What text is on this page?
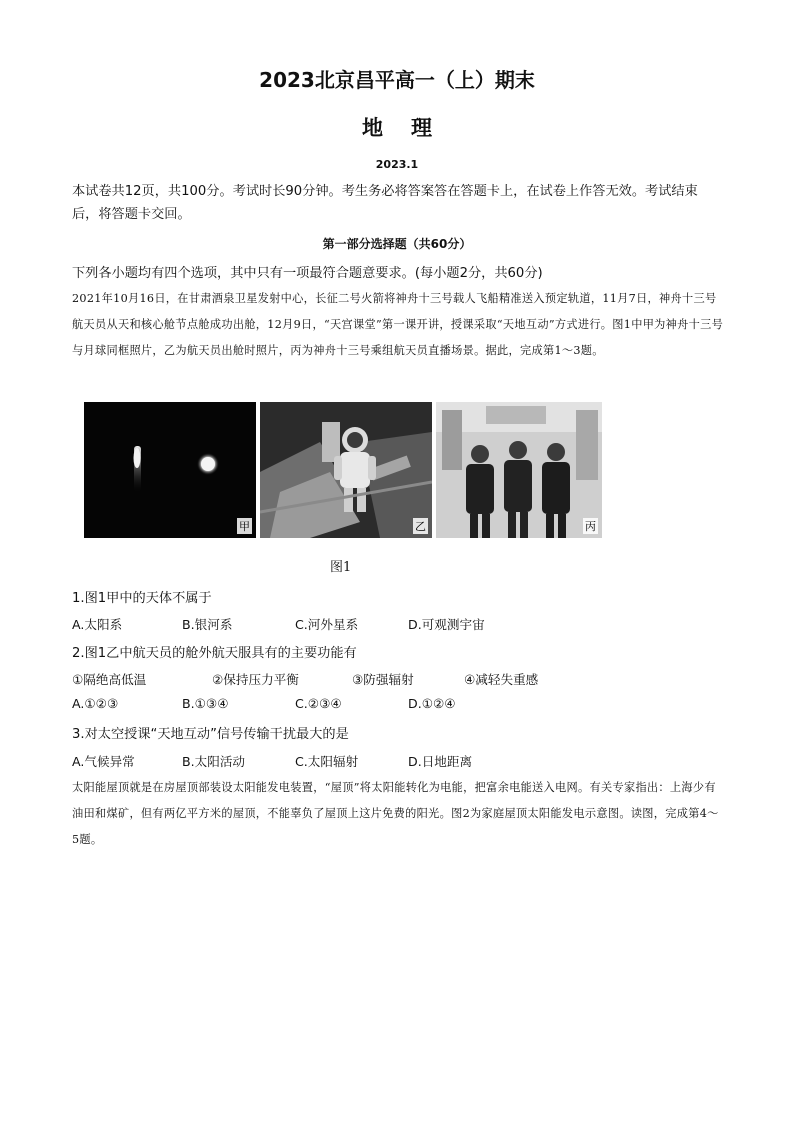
2023北京昌平高一（上）期末
地理
2023.1
本试卷共12页，共100分。考试时长90分钟。考生务必将答案答在答题卡上，在试卷上作答无效。考试结束后，将答题卡交回。
第一部分选择题（共60分）
下列各小题均有四个选项，其中只有一项最符合题意要求。(每小题2分，共60分)
2021年10月16日，在甘肃酒泉卫星发射中心，长征二号火箭将神舟十三号载人飞船精准送入预定轨道，11月7日，神舟十三号航天员从天和核心舱节点舱成功出舱，12月9日，“天宫课堂”第一课开讲，授课采取“天地互动”方式进行。图1中甲为神舟十三号与月球同框照片，乙为航天员出舱时照片，丙为神舟十三号乘组航天员直播场景。据此，完成第1～3题。
甲	乙	丙
图1
1.图1甲中的天体不属于
A.太阳系	B.银河系	C.河外星系	D.可观测宇宙
2.图1乙中航天员的舱外航天服具有的主要功能有
①隔绝高低温	②保持压力平衡	③防强辐射	④减轻失重感
A.①②③	B.①③④	C.②③④	D.①②④
3.对太空授课“天地互动”信号传输干扰最大的是
A.气候异常	B.太阳活动	C.太阳辐射	D.日地距离
太阳能屋顶就是在房屋顶部装设太阳能发电装置，“屋顶”将太阳能转化为电能，把富余电能送入电网。有关专家指出：上海少有油田和煤矿，但有两亿平方米的屋顶，不能辜负了屋顶上这片免费的阳光。图2为家庭屋顶太阳能发电示意图。读图，完成第4～5题。
